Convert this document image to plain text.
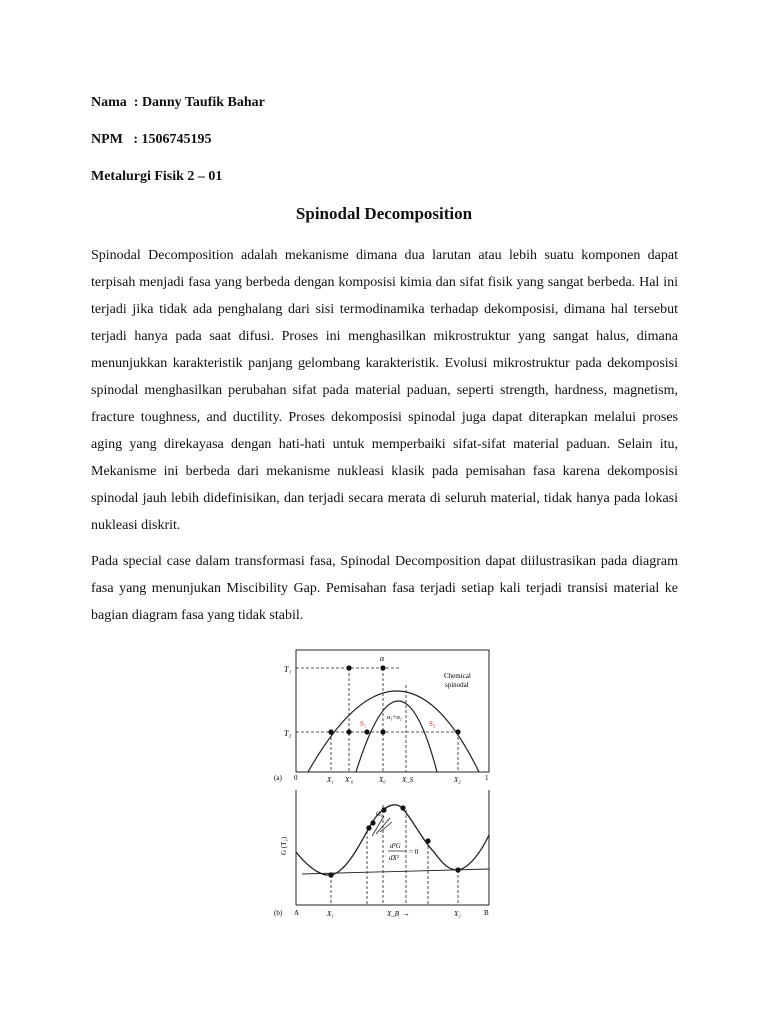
Nama : Danny Taufik Bahar
NPM : 1506745195
Metalurgi Fisik 2 – 01
Spinodal Decomposition

Spinodal Decomposition adalah mekanisme dimana dua larutan atau lebih suatu komponen dapat terpisah menjadi fasa yang berbeda dengan komposisi kimia dan sifat fisik yang sangat berbeda. Hal ini terjadi jika tidak ada penghalang dari sisi termodinamika terhadap dekomposisi, dimana hal tersebut terjadi hanya pada saat difusi. Proses ini menghasilkan mikrostruktur yang sangat halus, dimana menunjukkan karakteristik panjang gelombang karakteristik. Evolusi mikrostruktur pada dekomposisi spinodal menghasilkan perubahan sifat pada material paduan, seperti strength, hardness, magnetism, fracture toughness, and ductility. Proses dekomposisi spinodal juga dapat diterapkan melalui proses aging yang direkayasa dengan hati-hati untuk memperbaiki sifat-sifat material paduan. Selain itu, Mekanisme ini berbeda dari mekanisme nukleasi klasik pada pemisahan fasa karena dekomposisi spinodal jauh lebih didefinisikan, dan terjadi secara merata di seluruh material, tidak hanya pada lokasi nukleasi diskrit.

Pada special case dalam transformasi fasa, Spinodal Decomposition dapat diilustrasikan pada diagram fasa yang menunjukan Miscibility Gap. Pemisahan fasa terjadi setiap kali terjadi transisi material ke bagian diagram fasa yang tidak stabil.

T₁
T₂
α
Chemical
spinodal
α₁+α₂
S₁	S₂
(a) 0	X₁ X′₀	X₀ X_S	X₂	1
G (T₂)
G₀
d²G
dX²
= 0
(b) A	X₁	X_B →	X₂	B
